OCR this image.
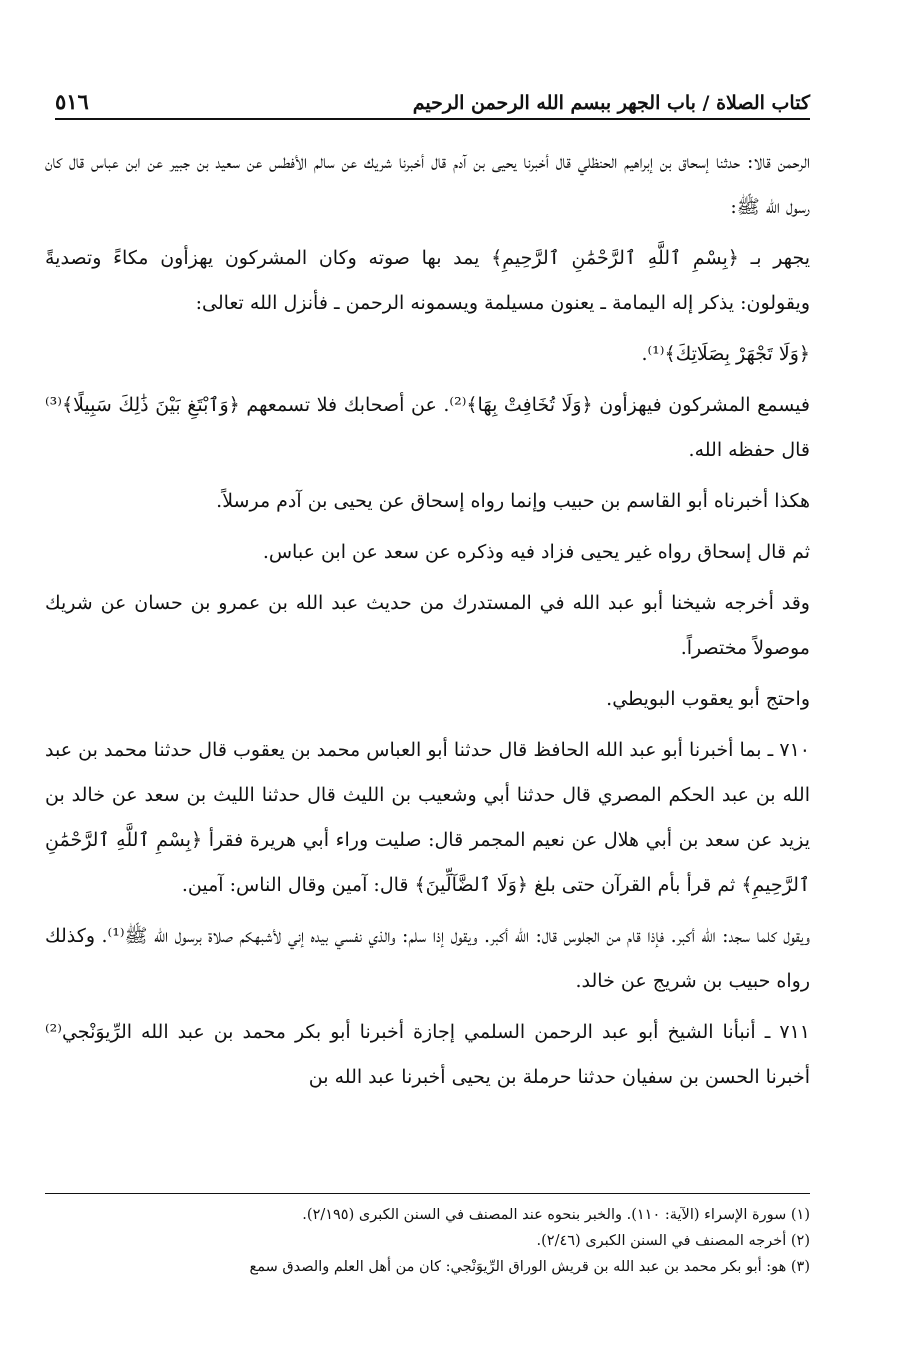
كتاب الصلاة / باب الجهر ببسم الله الرحمن الرحيم
٥١٦

الرحمن قالا: حدثنا إسحاق بن إبراهيم الحنظلي قال أخبرنا يحيى بن آدم قال أخبرنا شريك عن سالم الأفطس عن سعيد بن جبير عن ابن عباس قال كان رسول الله ﷺ:

يجهر بـ ﴿بِسْمِ ٱللَّهِ ٱلرَّحْمَٰنِ ٱلرَّحِيمِ﴾ يمد بها صوته وكان المشركون يهزأون مكاءً وتصديةً ويقولون: يذكر إله اليمامة ـ يعنون مسيلمة ويسمونه الرحمن ـ فأنزل الله تعالى:

﴿وَلَا تَجْهَرْ بِصَلَاتِكَ﴾⁽¹⁾.

فيسمع المشركون فيهزأون ﴿وَلَا تُخَافِتْ بِهَا﴾⁽²⁾. عن أصحابك فلا تسمعهم ﴿وَٱبْتَغِ بَيْنَ ذَٰلِكَ سَبِيلًا﴾⁽³⁾ قال حفظه الله.

هكذا أخبرناه أبو القاسم بن حبيب وإنما رواه إسحاق عن يحيى بن آدم مرسلاً.

ثم قال إسحاق رواه غير يحيى فزاد فيه وذكره عن سعد عن ابن عباس.

وقد أخرجه شيخنا أبو عبد الله في المستدرك من حديث عبد الله بن عمرو بن حسان عن شريك موصولاً مختصراً.

واحتج أبو يعقوب البويطي.

٧١٠ ـ بما أخبرنا أبو عبد الله الحافظ قال حدثنا أبو العباس محمد بن يعقوب قال حدثنا محمد بن عبد الله بن عبد الحكم المصري قال حدثنا أبي وشعيب بن الليث قال حدثنا الليث بن سعد عن خالد بن يزيد عن سعد بن أبي هلال عن نعيم المجمر قال: صليت وراء أبي هريرة فقرأ ﴿بِسْمِ ٱللَّهِ ٱلرَّحْمَٰنِ ٱلرَّحِيمِ﴾ ثم قرأ بأم القرآن حتى بلغ ﴿وَلَا ٱلضَّآلِّينَ﴾ قال: آمين وقال الناس: آمين.

ويقول كلما سجد: الله أكبر. فإذا قام من الجلوس قال: الله أكبر. ويقول إذا سلم: والذي نفسي بيده إني لأشبهكم صلاة برسول الله ﷺ⁽¹⁾. وكذلك رواه حبيب بن شريج عن خالد.

٧١١ ـ أنبأنا الشيخ أبو عبد الرحمن السلمي إجازة أخبرنا أبو بكر محمد بن عبد الله الرِّيوَنْجي⁽²⁾ أخبرنا الحسن بن سفيان حدثنا حرملة بن يحيى أخبرنا عبد الله بن

(١) سورة الإسراء (الآية: ١١٠). والخبر بنحوه عند المصنف في السنن الكبرى (٢/١٩٥).
(٢) أخرجه المصنف في السنن الكبرى (٢/٤٦).
(٣) هو: أبو بكر محمد بن عبد الله بن قريش الوراق الرِّيوَنْجي: كان من أهل العلم والصدق سمع
